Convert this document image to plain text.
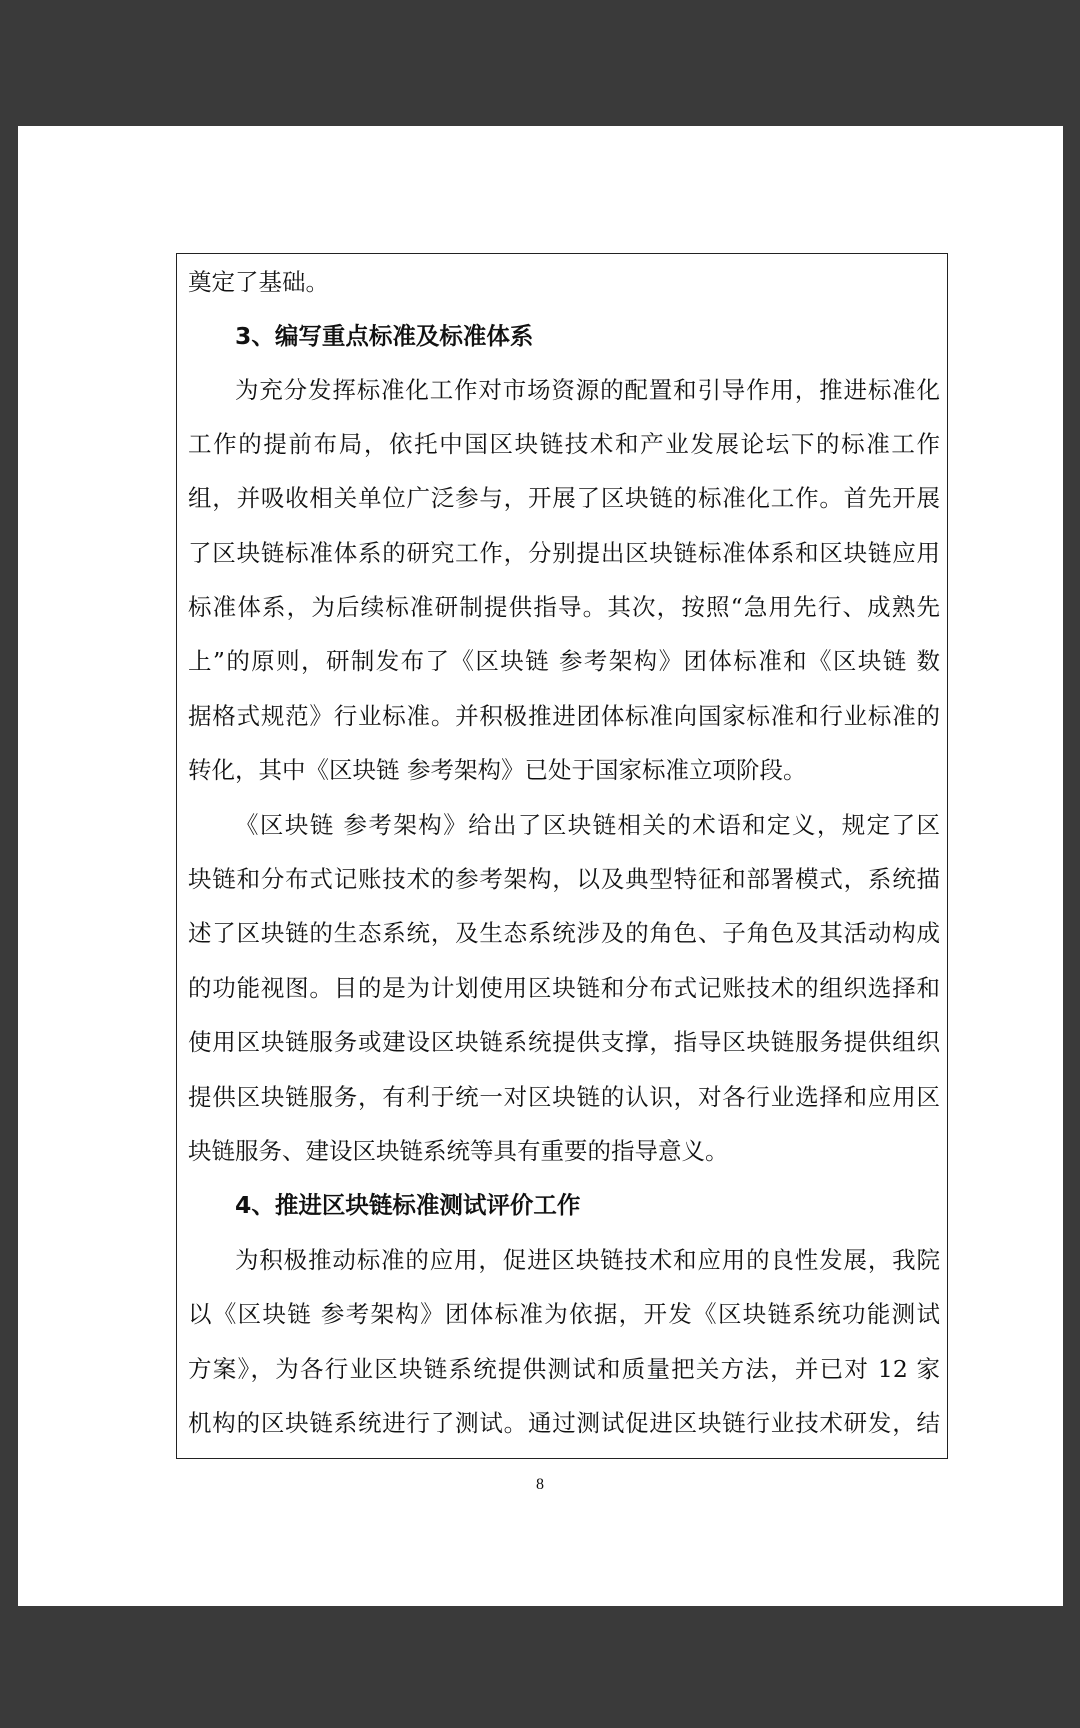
奠定了基础。
3、编写重点标准及标准体系
为充分发挥标准化工作对市场资源的配置和引导作用，推进标准化
工作的提前布局，依托中国区块链技术和产业发展论坛下的标准工作
组，并吸收相关单位广泛参与，开展了区块链的标准化工作。首先开展
了区块链标准体系的研究工作，分别提出区块链标准体系和区块链应用
标准体系，为后续标准研制提供指导。其次，按照“急用先行、成熟先
上”的原则，研制发布了《区块链 参考架构》团体标准和《区块链 数
据格式规范》行业标准。并积极推进团体标准向国家标准和行业标准的
转化，其中《区块链 参考架构》已处于国家标准立项阶段。
《区块链 参考架构》给出了区块链相关的术语和定义，规定了区
块链和分布式记账技术的参考架构，以及典型特征和部署模式，系统描
述了区块链的生态系统，及生态系统涉及的角色、子角色及其活动构成
的功能视图。目的是为计划使用区块链和分布式记账技术的组织选择和
使用区块链服务或建设区块链系统提供支撑，指导区块链服务提供组织
提供区块链服务，有利于统一对区块链的认识，对各行业选择和应用区
块链服务、建设区块链系统等具有重要的指导意义。
4、推进区块链标准测试评价工作
为积极推动标准的应用，促进区块链技术和应用的良性发展，我院
以《区块链 参考架构》团体标准为依据，开发《区块链系统功能测试
方案》，为各行业区块链系统提供测试和质量把关方法，并已对 12 家
机构的区块链系统进行了测试。通过测试促进区块链行业技术研发，结
8
